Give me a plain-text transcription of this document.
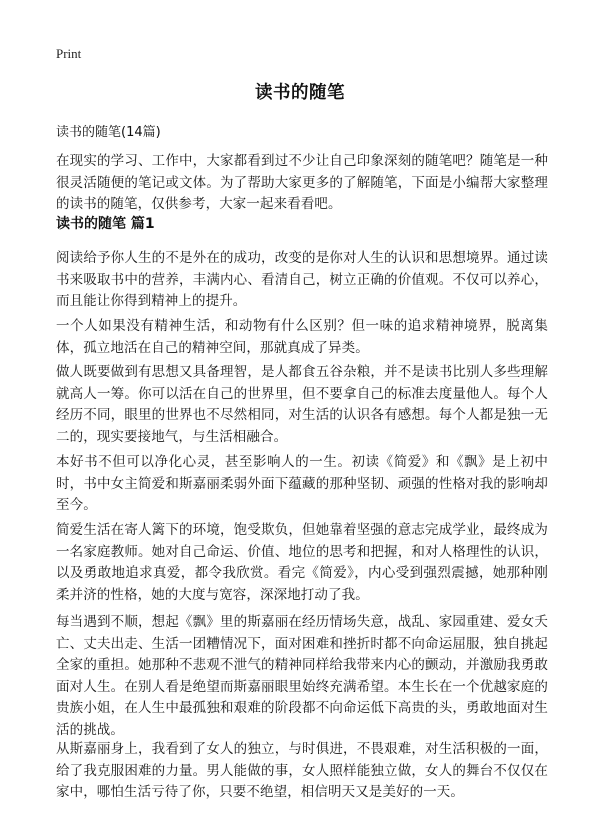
Print
读书的随笔

读书的随笔(14篇)

在现实的学习、工作中，大家都看到过不少让自己印象深刻的随笔吧？随笔是一种很灵活随便的笔记或文体。为了帮助大家更多的了解随笔，下面是小编帮大家整理的读书的随笔，仅供参考，大家一起来看看吧。

读书的随笔 篇1

阅读给予你人生的不是外在的成功，改变的是你对人生的认识和思想境界。通过读书来吸取书中的营养，丰满内心、看清自己，树立正确的价值观。不仅可以养心，而且能让你得到精神上的提升。

一个人如果没有精神生活，和动物有什么区别？但一味的追求精神境界，脱离集体，孤立地活在自己的精神空间，那就真成了异类。

做人既要做到有思想又具备理智，是人都食五谷杂粮，并不是读书比别人多些理解就高人一筹。你可以活在自己的世界里，但不要拿自己的标准去度量他人。每个人经历不同，眼里的世界也不尽然相同，对生活的认识各有感想。每个人都是独一无二的，现实要接地气，与生活相融合。

本好书不但可以净化心灵，甚至影响人的一生。初读《简爱》和《飘》是上初中时，书中女主简爱和斯嘉丽柔弱外面下蕴藏的那种坚韧、顽强的性格对我的影响却至今。

简爱生活在寄人篱下的环境，饱受欺负，但她靠着坚强的意志完成学业，最终成为一名家庭教师。她对自己命运、价值、地位的思考和把握，和对人格理性的认识，以及勇敢地追求真爱，都令我欣赏。看完《简爱》，内心受到强烈震撼，她那种刚柔并济的性格，她的大度与宽容，深深地打动了我。

每当遇到不顺，想起《飘》里的斯嘉丽在经历情场失意，战乱、家园重建、爱女夭亡、丈夫出走、生活一团糟情况下，面对困难和挫折时都不向命运屈服，独自挑起全家的重担。她那种不悲观不泄气的精神同样给我带来内心的颤动，并激励我勇敢面对人生。在别人看是绝望而斯嘉丽眼里始终充满希望。本生长在一个优越家庭的贵族小姐，在人生中最孤独和艰难的阶段都不向命运低下高贵的头，勇敢地面对生活的挑战。

从斯嘉丽身上，我看到了女人的独立，与时俱进，不畏艰难，对生活积极的一面，给了我克服困难的力量。男人能做的事，女人照样能独立做，女人的舞台不仅仅在家中，哪怕生活亏待了你，只要不绝望，相信明天又是美好的一天。
